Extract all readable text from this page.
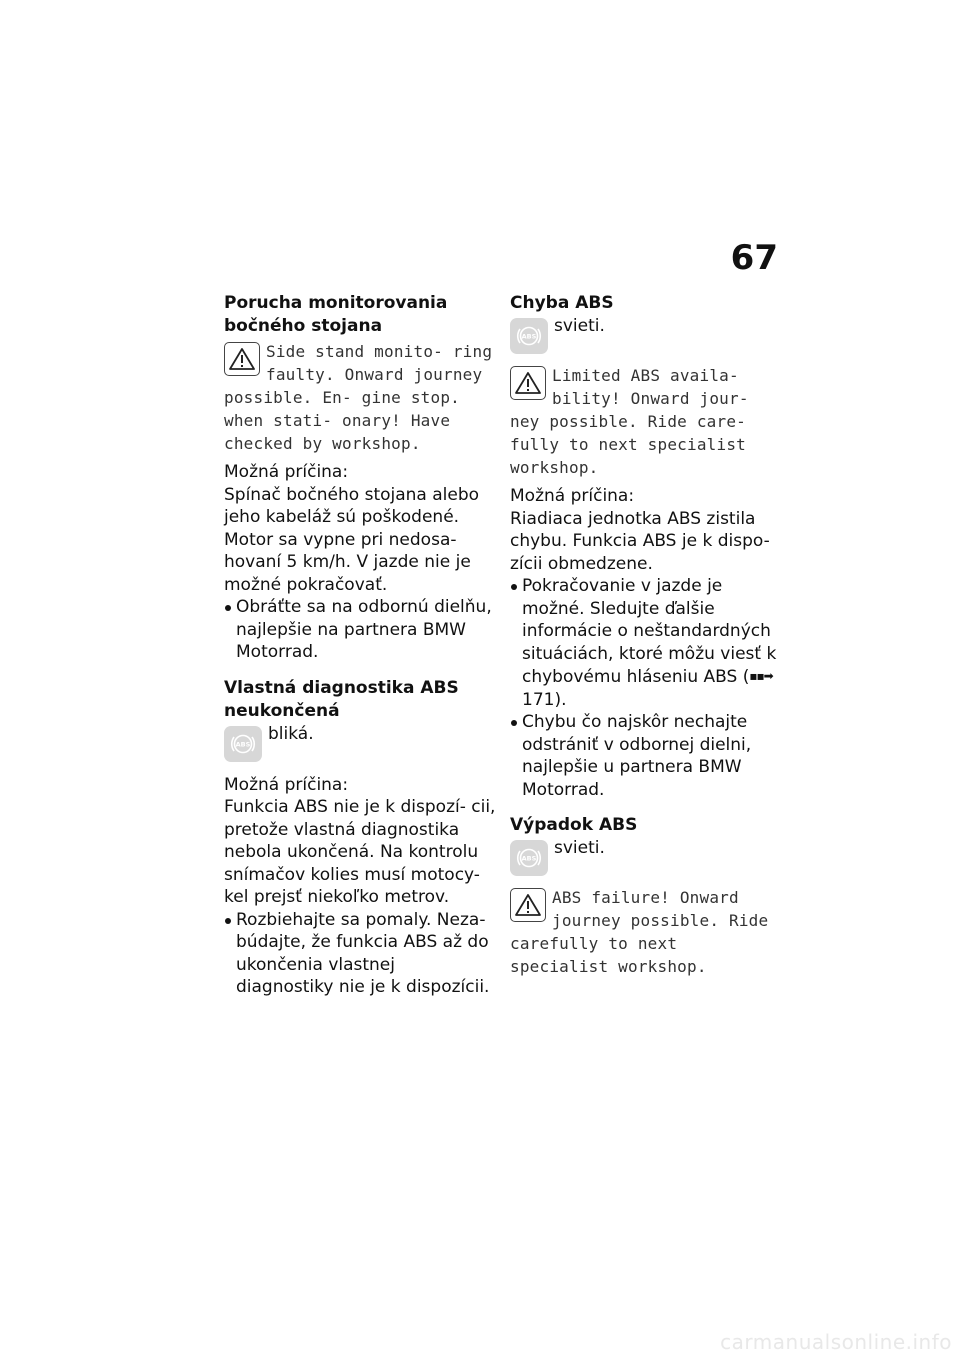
67
Porucha monitorovania
bočného stojana
Side stand monito- ring faulty. Onward journey possible. En- gine stop. when stati- onary! Have checked by workshop.

Možná príčina:

Spínač bočného stojana alebo jeho kabeláž sú poškodené. Motor sa vypne pri nedosa- hovaní 5 km/h. V jazde nie je možné pokračovať.

Obráťte sa na odbornú dielňu, najlepšie na partnera BMW Motorrad.
Vlastná diagnostika ABS
neukončená
ABS

bliká.

Možná príčina:

Funkcia ABS nie je k dispozí- cii, pretože vlastná diagnostika nebola ukončená. Na kontrolu snímačov kolies musí motocy- kel prejsť niekoľko metrov.

Rozbiehajte sa pomaly. Neza- búdajte, že funkcia ABS až do ukončenia vlastnej diagnostiky nie je k dispozícii.
Chyba ABS
ABS

svieti.

Limited ABS availa- bility! Onward jour- ney possible. Ride care- fully to next specialist workshop.

Možná príčina:

Riadiaca jednotka ABS zistila chybu. Funkcia ABS je k dispo- zícii obmedzene.

Pokračovanie v jazde je možné. Sledujte ďalšie informácie o neštandardných situáciách, ktoré môžu viesť k chybovému hláseniu ABS (▪▪➡ 171).
Chybu čo najskôr nechajte odstrániť v odbornej dielni, najlepšie u partnera BMW Motorrad.
Výpadok ABS
ABS

svieti.

ABS failure! Onward journey possible. Ride carefully to next specialist workshop.
carmanualsonline.info
